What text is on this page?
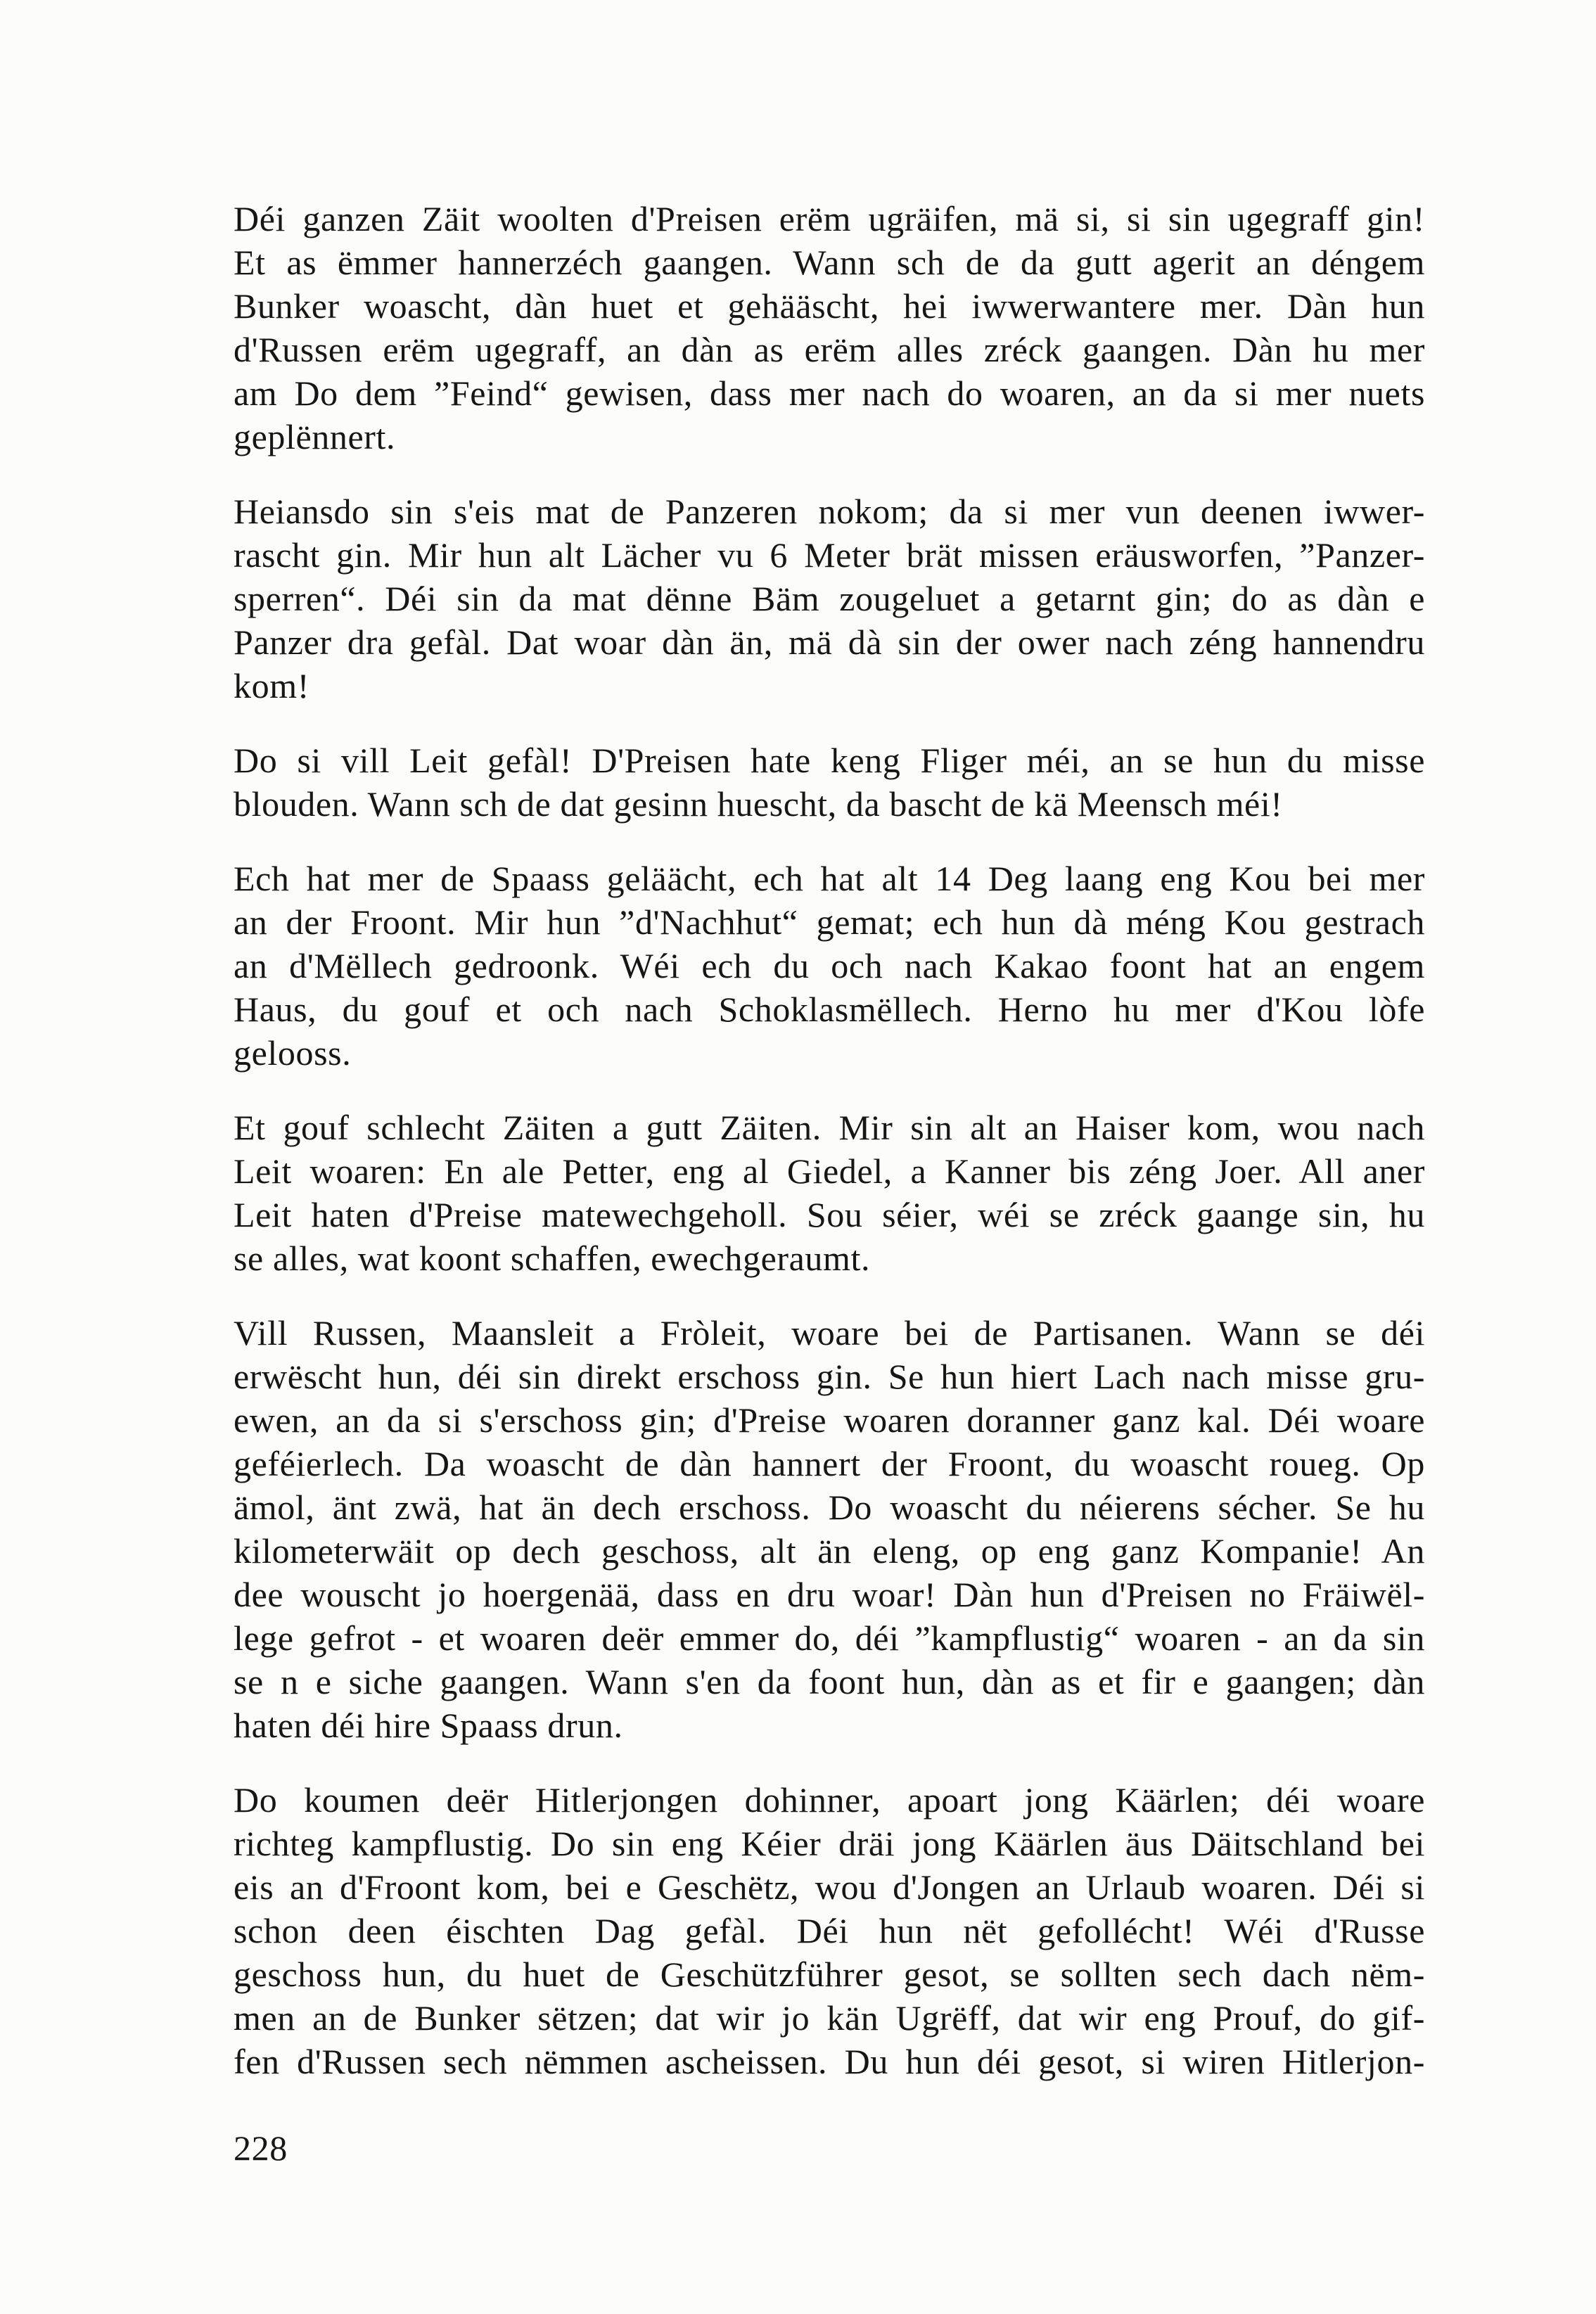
Déi ganzen Zäit woolten d'Preisen erëm ugräifen, mä si, si sin ugegraff gin!
Et as ëmmer hannerzéch gaangen. Wann sch de da gutt agerit an déngem
Bunker woascht, dàn huet et gehääscht, hei iwwerwantere mer. Dàn hun
d'Russen erëm ugegraff, an dàn as erëm alles zréck gaangen. Dàn hu mer
am Do dem ”Feind“ gewisen, dass mer nach do woaren, an da si mer nuets
geplënnert.
Heiansdo sin s'eis mat de Panzeren nokom; da si mer vun deenen iwwer-
rascht gin. Mir hun alt Lächer vu 6 Meter brät missen eräusworfen, ”Panzer-
sperren“. Déi sin da mat dënne Bäm zougeluet a getarnt gin; do as dàn e
Panzer dra gefàl. Dat woar dàn än, mä dà sin der ower nach zéng hannendru
kom!
Do si vill Leit gefàl! D'Preisen hate keng Fliger méi, an se hun du misse
blouden. Wann sch de dat gesinn huescht, da bascht de kä Meensch méi!
Ech hat mer de Spaass geläächt, ech hat alt 14 Deg laang eng Kou bei mer
an der Froont. Mir hun ”d'Nachhut“ gemat; ech hun dà méng Kou gestrach
an d'Mëllech gedroonk. Wéi ech du och nach Kakao foont hat an engem
Haus, du gouf et och nach Schoklasmëllech. Herno hu mer d'Kou lòfe
gelooss.
Et gouf schlecht Zäiten a gutt Zäiten. Mir sin alt an Haiser kom, wou nach
Leit woaren: En ale Petter, eng al Giedel, a Kanner bis zéng Joer. All aner
Leit haten d'Preise matewechgeholl. Sou séier, wéi se zréck gaange sin, hu
se alles, wat koont schaffen, ewechgeraumt.
Vill Russen, Maansleit a Fròleit, woare bei de Partisanen. Wann se déi
erwëscht hun, déi sin direkt erschoss gin. Se hun hiert Lach nach misse gru-
ewen, an da si s'erschoss gin; d'Preise woaren doranner ganz kal. Déi woare
geféierlech. Da woascht de dàn hannert der Froont, du woascht roueg. Op
ämol, änt zwä, hat än dech erschoss. Do woascht du néierens sécher. Se hu
kilometerwäit op dech geschoss, alt än eleng, op eng ganz Kompanie! An
dee wouscht jo hoergenää, dass en dru woar! Dàn hun d'Preisen no Fräiwël-
lege gefrot - et woaren deër emmer do, déi ”kampflustig“ woaren - an da sin
se n e siche gaangen. Wann s'en da foont hun, dàn as et fir e gaangen; dàn
haten déi hire Spaass drun.
Do koumen deër Hitlerjongen dohinner, apoart jong Käärlen; déi woare
richteg kampflustig. Do sin eng Kéier dräi jong Käärlen äus Däitschland bei
eis an d'Froont kom, bei e Geschëtz, wou d'Jongen an Urlaub woaren. Déi si
schon deen éischten Dag gefàl. Déi hun nët gefollécht! Wéi d'Russe
geschoss hun, du huet de Geschützführer gesot, se sollten sech dach nëm-
men an de Bunker sëtzen; dat wir jo kän Ugrëff, dat wir eng Prouf, do gif-
fen d'Russen sech nëmmen ascheissen. Du hun déi gesot, si wiren Hitlerjon-
228
